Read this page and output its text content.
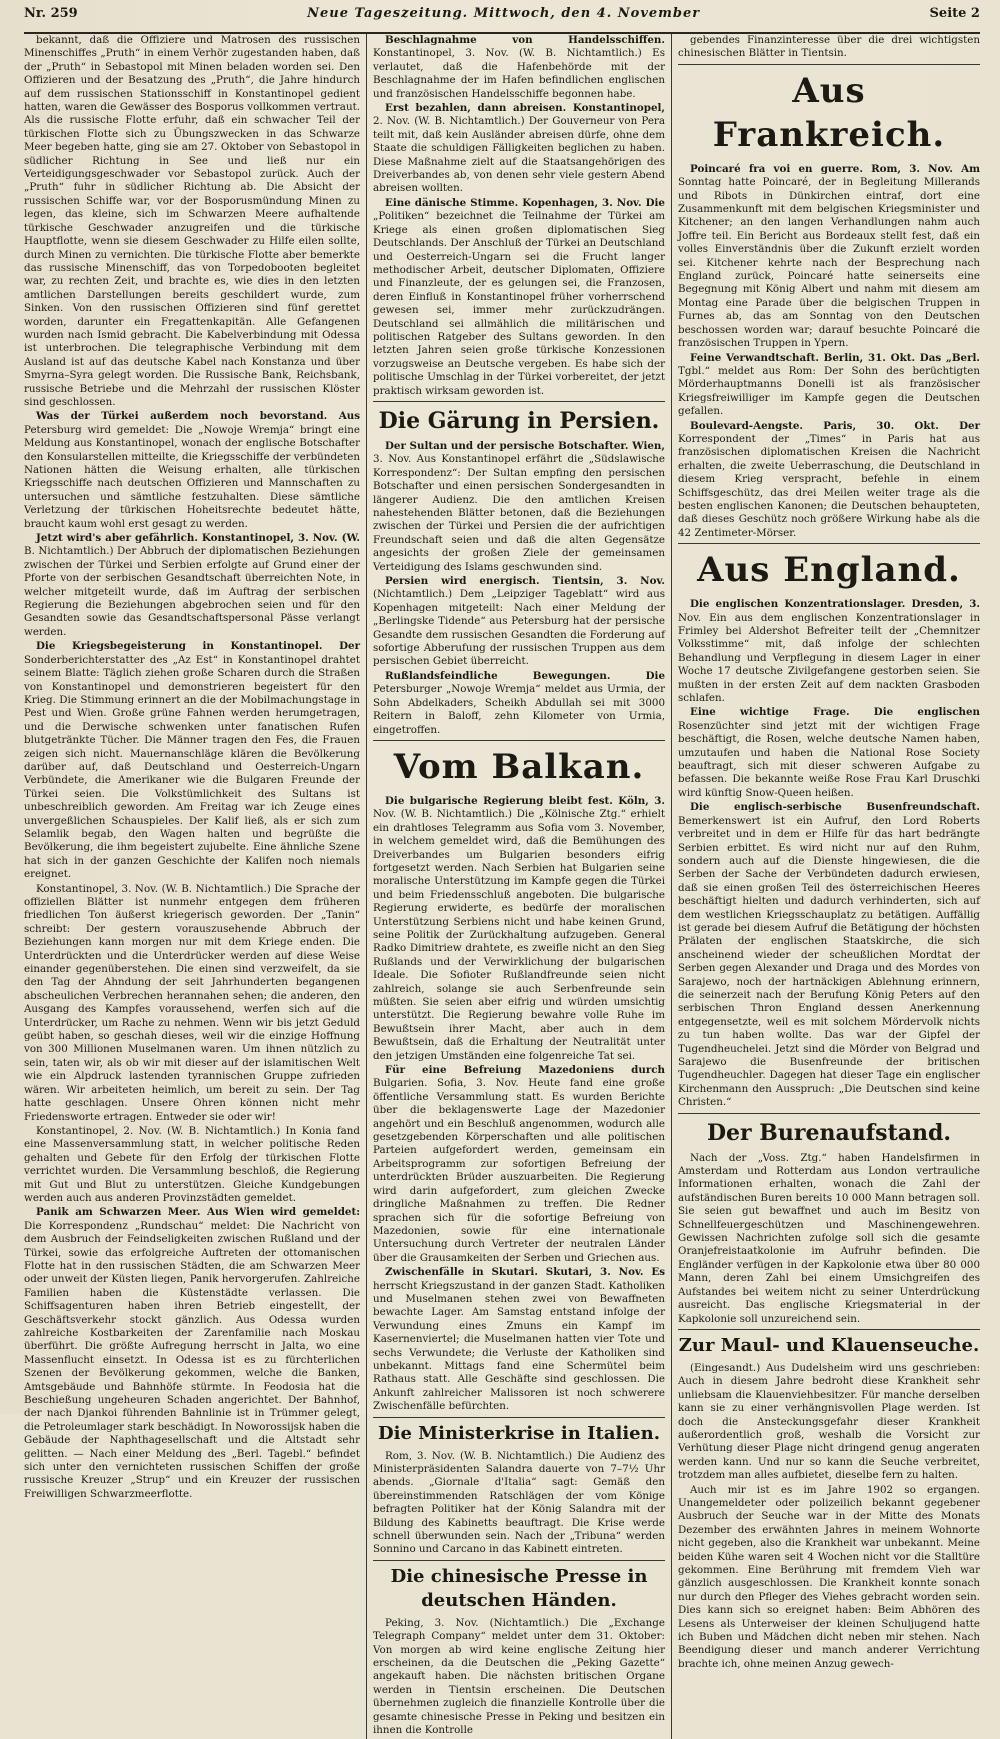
Nr. 259	Neue Tageszeitung. Mittwoch, den 4. November	Seite 2

bekannt, daß die Offiziere und Matrosen des russischen Minenschiffes „Pruth“ in einem Verhör zugestanden haben, daß der „Pruth“ in Sebastopol mit Minen beladen worden sei. Den Offizieren und der Besatzung des „Pruth“, die Jahre hindurch auf dem russischen Stationsschiff in Konstantinopel gedient hatten, waren die Gewässer des Bosporus vollkommen vertraut. Als die russische Flotte erfuhr, daß ein schwacher Teil der türkischen Flotte sich zu Übungszwecken in das Schwarze Meer begeben hatte, ging sie am 27. Oktober von Sebastopol in südlicher Richtung in See und ließ nur ein Verteidigungsgeschwader vor Sebastopol zurück. Auch der „Pruth“ fuhr in südlicher Richtung ab. Die Absicht der russischen Schiffe war, vor der Bosporusmündung Minen zu legen, das kleine, sich im Schwarzen Meere aufhaltende türkische Geschwader anzugreifen und die türkische Hauptflotte, wenn sie diesem Geschwader zu Hilfe eilen sollte, durch Minen zu vernichten. Die türkische Flotte aber bemerkte das russische Minenschiff, das von Torpedobooten begleitet war, zu rechten Zeit, und brachte es, wie dies in den letzten amtlichen Darstellungen bereits geschildert wurde, zum Sinken. Von den russischen Offizieren sind fünf gerettet worden, darunter ein Fregattenkapitän. Alle Gefangenen wurden nach Ismid gebracht. Die Kabelverbindung mit Odessa ist unterbrochen. Die telegraphische Verbindung mit dem Ausland ist auf das deutsche Kabel nach Konstanza und über Smyrna–Syra gelegt worden. Die Russische Bank, Reichsbank, russische Betriebe und die Mehrzahl der russischen Klöster sind geschlossen.

Was der Türkei außerdem noch bevorstand. Aus Petersburg wird gemeldet: Die „Nowoje Wremja“ bringt eine Meldung aus Konstantinopel, wonach der englische Botschafter den Konsularstellen mitteilte, die Kriegsschiffe der verbündeten Nationen hätten die Weisung erhalten, alle türkischen Kriegsschiffe nach deutschen Offizieren und Mannschaften zu untersuchen und sämtliche festzuhalten. Diese sämtliche Verletzung der türkischen Hoheitsrechte bedeutet hätte, braucht kaum wohl erst gesagt zu werden.

Jetzt wird's aber gefährlich. Konstantinopel, 3. Nov. (W. B. Nichtamtlich.) Der Abbruch der diplomatischen Beziehungen zwischen der Türkei und Serbien erfolgte auf Grund einer der Pforte von der serbischen Gesandtschaft überreichten Note, in welcher mitgeteilt wurde, daß im Auftrag der serbischen Regierung die Beziehungen abgebrochen seien und für den Gesandten sowie das Gesandtschaftspersonal Pässe verlangt werden.

Die Kriegsbegeisterung in Konstantinopel. Der Sonderberichterstatter des „Az Est“ in Konstantinopel drahtet seinem Blatte: Täglich ziehen große Scharen durch die Straßen von Konstantinopel und demonstrieren begeistert für den Krieg. Die Stimmung erinnert an die der Mobilmachungstage in Pest und Wien. Große grüne Fahnen werden herumgetragen, und die Derwische schwenken unter fanatischen Rufen blutgetränkte Tücher. Die Männer tragen den Fes, die Frauen zeigen sich nicht. Mauernanschläge klären die Bevölkerung darüber auf, daß Deutschland und Oesterreich-Ungarn Verbündete, die Amerikaner wie die Bulgaren Freunde der Türkei seien. Die Volkstümlichkeit des Sultans ist unbeschreiblich geworden. Am Freitag war ich Zeuge eines unvergeßlichen Schauspieles. Der Kalif ließ, als er sich zum Selamlik begab, den Wagen halten und begrüßte die Bevölkerung, die ihm begeistert zujubelte. Eine ähnliche Szene hat sich in der ganzen Geschichte der Kalifen noch niemals ereignet.

Konstantinopel, 3. Nov. (W. B. Nichtamtlich.) Die Sprache der offiziellen Blätter ist nunmehr entgegen dem früheren friedlichen Ton äußerst kriegerisch geworden. Der „Tanin“ schreibt: Der gestern vorauszusehende Abbruch der Beziehungen kann morgen nur mit dem Kriege enden. Die Unterdrückten und die Unterdrücker werden auf diese Weise einander gegenüberstehen. Die einen sind verzweifelt, da sie den Tag der Ahndung der seit Jahrhunderten begangenen abscheulichen Verbrechen herannahen sehen; die anderen, den Ausgang des Kampfes voraussehend, werfen sich auf die Unterdrücker, um Rache zu nehmen. Wenn wir bis jetzt Geduld geübt haben, so geschah dieses, weil wir die einzige Hoffnung von 300 Millionen Muselmanen waren. Um ihnen nützlich zu sein, taten wir, als ob wir mit dieser auf der islamitischen Welt wie ein Alpdruck lastenden tyrannischen Gruppe zufrieden wären. Wir arbeiteten heimlich, um bereit zu sein. Der Tag hatte geschlagen. Unsere Ohren können nicht mehr Friedensworte ertragen. Entweder sie oder wir!

Konstantinopel, 2. Nov. (W. B. Nichtamtlich.) In Konia fand eine Massenversammlung statt, in welcher politische Reden gehalten und Gebete für den Erfolg der türkischen Flotte verrichtet wurden. Die Versammlung beschloß, die Regierung mit Gut und Blut zu unterstützen. Gleiche Kundgebungen werden auch aus anderen Provinzstädten gemeldet.

Panik am Schwarzen Meer. Aus Wien wird gemeldet: Die Korrespondenz „Rundschau“ meldet: Die Nachricht von dem Ausbruch der Feindseligkeiten zwischen Rußland und der Türkei, sowie das erfolgreiche Auftreten der ottomanischen Flotte hat in den russischen Städten, die am Schwarzen Meer oder unweit der Küsten liegen, Panik hervorgerufen. Zahlreiche Familien haben die Küstenstädte verlassen. Die Schiffsagenturen haben ihren Betrieb eingestellt, der Geschäftsverkehr stockt gänzlich. Aus Odessa wurden zahlreiche Kostbarkeiten der Zarenfamilie nach Moskau überführt. Die größte Aufregung herrscht in Jalta, wo eine Massenflucht einsetzt. In Odessa ist es zu fürchterlichen Szenen der Bevölkerung gekommen, welche die Banken, Amtsgebäude und Bahnhöfe stürmte. In Feodosia hat die Beschießung ungeheuren Schaden angerichtet. Der Bahnhof, der nach Djankoi führenden Bahnlinie ist in Trümmer gelegt, die Petroleumlager stark beschädigt. In Noworossijsk haben die Gebäude der Naphthagesellschaft und die Altstadt sehr gelitten. — Nach einer Meldung des „Berl. Tagebl.“ befindet sich unter den vernichteten russischen Schiffen der große russische Kreuzer „Strup“ und ein Kreuzer der russischen Freiwilligen Schwarzmeerflotte.

Beschlagnahme von Handelsschiffen. Konstantinopel, 3. Nov. (W. B. Nichtamtlich.) Es verlautet, daß die Hafenbehörde mit der Beschlagnahme der im Hafen befindlichen englischen und französischen Handelsschiffe begonnen habe.

Erst bezahlen, dann abreisen. Konstantinopel, 2. Nov. (W. B. Nichtamtlich.) Der Gouverneur von Pera teilt mit, daß kein Ausländer abreisen dürfe, ohne dem Staate die schuldigen Fälligkeiten beglichen zu haben. Diese Maßnahme zielt auf die Staatsangehörigen des Dreiverbandes ab, von denen sehr viele gestern Abend abreisen wollten.

Eine dänische Stimme. Kopenhagen, 3. Nov. Die „Politiken“ bezeichnet die Teilnahme der Türkei am Kriege als einen großen diplomatischen Sieg Deutschlands. Der Anschluß der Türkei an Deutschland und Oesterreich-Ungarn sei die Frucht langer methodischer Arbeit, deutscher Diplomaten, Offiziere und Finanzleute, der es gelungen sei, die Franzosen, deren Einfluß in Konstantinopel früher vorherrschend gewesen sei, immer mehr zurückzudrängen. Deutschland sei allmählich die militärischen und politischen Ratgeber des Sultans geworden. In den letzten Jahren seien große türkische Konzessionen vorzugsweise an Deutsche vergeben. Es habe sich der politische Umschlag in der Türkei vorbereitet, der jetzt praktisch wirksam geworden ist.

Die Gärung in Persien.

Der Sultan und der persische Botschafter. Wien, 3. Nov. Aus Konstantinopel erfährt die „Südslawische Korrespondenz“: Der Sultan empfing den persischen Botschafter und einen persischen Sondergesandten in längerer Audienz. Die den amtlichen Kreisen nahestehenden Blätter betonen, daß die Beziehungen zwischen der Türkei und Persien die der aufrichtigen Freundschaft seien und daß die alten Gegensätze angesichts der großen Ziele der gemeinsamen Verteidigung des Islams geschwunden sind.

Persien wird energisch. Tientsin, 3. Nov. (Nichtamtlich.) Dem „Leipziger Tageblatt“ wird aus Kopenhagen mitgeteilt: Nach einer Meldung der „Berlingske Tidende“ aus Petersburg hat der persische Gesandte dem russischen Gesandten die Forderung auf sofortige Abberufung der russischen Truppen aus dem persischen Gebiet überreicht.

Rußlandsfeindliche Bewegungen. Die Petersburger „Nowoje Wremja“ meldet aus Urmia, der Sohn Abdelkaders, Scheikh Abdullah sei mit 3000 Reitern in Baloff, zehn Kilometer von Urmia, eingetroffen.

Vom Balkan.

Die bulgarische Regierung bleibt fest. Köln, 3. Nov. (W. B. Nichtamtlich.) Die „Kölnische Ztg.“ erhielt ein drahtloses Telegramm aus Sofia vom 3. November, in welchem gemeldet wird, daß die Bemühungen des Dreiverbandes um Bulgarien besonders eifrig fortgesetzt werden. Nach Serbien hat Bulgarien seine moralische Unterstützung im Kampfe gegen die Türkei und beim Friedensschluß angeboten. Die bulgarische Regierung erwiderte, es bedürfe der moralischen Unterstützung Serbiens nicht und habe keinen Grund, seine Politik der Zurückhaltung aufzugeben. General Radko Dimitriew drahtete, es zweifle nicht an den Sieg Rußlands und der Verwirklichung der bulgarischen Ideale. Die Sofioter Rußlandfreunde seien nicht zahlreich, solange sie auch Serbenfreunde sein müßten. Sie seien aber eifrig und würden umsichtig unterstützt. Die Regierung bewahre volle Ruhe im Bewußtsein ihrer Macht, aber auch in dem Bewußtsein, daß die Erhaltung der Neutralität unter den jetzigen Umständen eine folgenreiche Tat sei.

Für eine Befreiung Mazedoniens durch Bulgarien. Sofia, 3. Nov. Heute fand eine große öffentliche Versammlung statt. Es wurden Berichte über die beklagenswerte Lage der Mazedonier angehört und ein Beschluß angenommen, wodurch alle gesetzgebenden Körperschaften und alle politischen Parteien aufgefordert werden, gemeinsam ein Arbeitsprogramm zur sofortigen Befreiung der unterdrückten Brüder auszuarbeiten. Die Regierung wird darin aufgefordert, zum gleichen Zwecke dringliche Maßnahmen zu treffen. Die Redner sprachen sich für die sofortige Befreiung von Mazedonien, sowie für eine internationale Untersuchung durch Vertreter der neutralen Länder über die Grausamkeiten der Serben und Griechen aus.

Zwischenfälle in Skutari. Skutari, 3. Nov. Es herrscht Kriegszustand in der ganzen Stadt. Katholiken und Muselmanen stehen zwei von Bewaffneten bewachte Lager. Am Samstag entstand infolge der Verwundung eines Zmuns ein Kampf im Kasernenviertel; die Muselmanen hatten vier Tote und sechs Verwundete; die Verluste der Katholiken sind unbekannt. Mittags fand eine Schermütel beim Rathaus statt. Alle Geschäfte sind geschlossen. Die Ankunft zahlreicher Malissoren ist noch schwerere Zwischenfälle befürchten.

Die Ministerkrise in Italien.

Rom, 3. Nov. (W. B. Nichtamtlich.) Die Audienz des Ministerpräsidenten Salandra dauerte von 7–7½ Uhr abends. „Giornale d'Italia“ sagt: Gemäß den übereinstimmenden Ratschlägen der vom Könige befragten Politiker hat der König Salandra mit der Bildung des Kabinetts beauftragt. Die Krise werde schnell überwunden sein. Nach der „Tribuna“ werden Sonnino und Carcano in das Kabinett eintreten.

Die chinesische Presse in deutschen Händen.

Peking, 3. Nov. (Nichtamtlich.) Die „Exchange Telegraph Company“ meldet unter dem 31. Oktober: Von morgen ab wird keine englische Zeitung hier erscheinen, da die Deutschen die „Peking Gazette“ angekauft haben. Die nächsten britischen Organe werden in Tientsin erscheinen. Die Deutschen übernehmen zugleich die finanzielle Kontrolle über die gesamte chinesische Presse in Peking und besitzen ein ihnen die Kontrolle

gebendes Finanzinteresse über die drei wichtigsten chinesischen Blätter in Tientsin.

Aus Frankreich.

Poincaré fra voi en guerre. Rom, 3. Nov. Am Sonntag hatte Poincaré, der in Begleitung Millerands und Ribots in Dünkirchen eintraf, dort eine Zusammenkunft mit dem belgischen Kriegsminister und Kitchener; an den langen Verhandlungen nahm auch Joffre teil. Ein Bericht aus Bordeaux stellt fest, daß ein volles Einverständnis über die Zukunft erzielt worden sei. Kitchener kehrte nach der Besprechung nach England zurück, Poincaré hatte seinerseits eine Begegnung mit König Albert und nahm mit diesem am Montag eine Parade über die belgischen Truppen in Furnes ab, das am Sonntag von den Deutschen beschossen worden war; darauf besuchte Poincaré die französischen Truppen in Ypern.

Feine Verwandtschaft. Berlin, 31. Okt. Das „Berl. Tgbl.“ meldet aus Rom: Der Sohn des berüchtigten Mörderhauptmanns Donelli ist als französischer Kriegsfreiwilliger im Kampfe gegen die Deutschen gefallen.

Boulevard-Aengste. Paris, 30. Okt. Der Korrespondent der „Times“ in Paris hat aus französischen diplomatischen Kreisen die Nachricht erhalten, die zweite Ueberraschung, die Deutschland in diesem Krieg verspracht, befehle in einem Schiffsgeschütz, das drei Meilen weiter trage als die besten englischen Kanonen; die Deutschen behaupteten, daß dieses Geschütz noch größere Wirkung habe als die 42 Zentimeter-Mörser.

Aus England.

Die englischen Konzentrationslager. Dresden, 3. Nov. Ein aus dem englischen Konzentrationslager in Frimley bei Aldershot Befreiter teilt der „Chemnitzer Volksstimme“ mit, daß infolge der schlechten Behandlung und Verpflegung in diesem Lager in einer Woche 17 deutsche Zivilgefangene gestorben seien. Sie mußten in der ersten Zeit auf dem nackten Grasboden schlafen.

Eine wichtige Frage. Die englischen Rosenzüchter sind jetzt mit der wichtigen Frage beschäftigt, die Rosen, welche deutsche Namen haben, umzutaufen und haben die National Rose Society beauftragt, sich mit dieser schweren Aufgabe zu befassen. Die bekannte weiße Rose Frau Karl Druschki wird künftig Snow-Queen heißen.

Die englisch-serbische Busenfreundschaft. Bemerkenswert ist ein Aufruf, den Lord Roberts verbreitet und in dem er Hilfe für das hart bedrängte Serbien erbittet. Es wird nicht nur auf den Ruhm, sondern auch auf die Dienste hingewiesen, die die Serben der Sache der Verbündeten dadurch erwiesen, daß sie einen großen Teil des österreichischen Heeres beschäftigt hielten und dadurch verhinderten, sich auf dem westlichen Kriegsschauplatz zu betätigen. Auffällig ist gerade bei diesem Aufruf die Betätigung der höchsten Prälaten der englischen Staatskirche, die sich anscheinend wieder der scheußlichen Mordtat der Serben gegen Alexander und Draga und des Mordes von Sarajewo, noch der hartnäckigen Ablehnung erinnern, die seinerzeit nach der Berufung König Peters auf den serbischen Thron England dessen Anerkennung entgegensetzte, weil es mit solchem Mördervolk nichts zu tun haben wollte. Das war der Gipfel der Tugendheuchelei. Jetzt sind die Mörder von Belgrad und Sarajewo die Busenfreunde der britischen Tugendheuchler. Dagegen hat dieser Tage ein englischer Kirchenmann den Ausspruch: „Die Deutschen sind keine Christen.“

Der Burenaufstand.

Nach der „Voss. Ztg.“ haben Handelsfirmen in Amsterdam und Rotterdam aus London vertrauliche Informationen erhalten, wonach die Zahl der aufständischen Buren bereits 10 000 Mann betragen soll. Sie seien gut bewaffnet und auch im Besitz von Schnellfeuergeschützen und Maschinengewehren. Gewissen Nachrichten zufolge soll sich die gesamte Oranjefreistaatkolonie im Aufruhr befinden. Die Engländer verfügen in der Kapkolonie etwa über 80 000 Mann, deren Zahl bei einem Umsichgreifen des Aufstandes bei weitem nicht zu seiner Unterdrückung ausreicht. Das englische Kriegsmaterial in der Kapkolonie soll unzureichend sein.

Zur Maul- und Klauenseuche.

(Eingesandt.) Aus Dudelsheim wird uns geschrieben: Auch in diesem Jahre bedroht diese Krankheit sehr unliebsam die Klauenviehbesitzer. Für manche derselben kann sie zu einer verhängnisvollen Plage werden. Ist doch die Ansteckungsgefahr dieser Krankheit außerordentlich groß, weshalb die Vorsicht zur Verhütung dieser Plage nicht dringend genug angeraten werden kann. Und nur so kann die Seuche verbreitet, trotzdem man alles aufbietet, dieselbe fern zu halten.

Auch mir ist es im Jahre 1902 so ergangen. Unangemeldeter oder polizeilich bekannt gegebener Ausbruch der Seuche war in der Mitte des Monats Dezember des erwähnten Jahres in meinem Wohnorte nicht gegeben, also die Krankheit war unbekannt. Meine beiden Kühe waren seit 4 Wochen nicht vor die Stalltüre gekommen. Eine Berührung mit fremdem Vieh war gänzlich ausgeschlossen. Die Krankheit konnte sonach nur durch den Pfleger des Viehes gebracht worden sein. Dies kann sich so ereignet haben: Beim Abhören des Lesens als Unterweiser der kleinen Schuljugend hatte ich Buben und Mädchen dicht neben mir stehen. Nach Beendigung dieser und manch anderer Verrichtung brachte ich, ohne meinen Anzug gewech-
